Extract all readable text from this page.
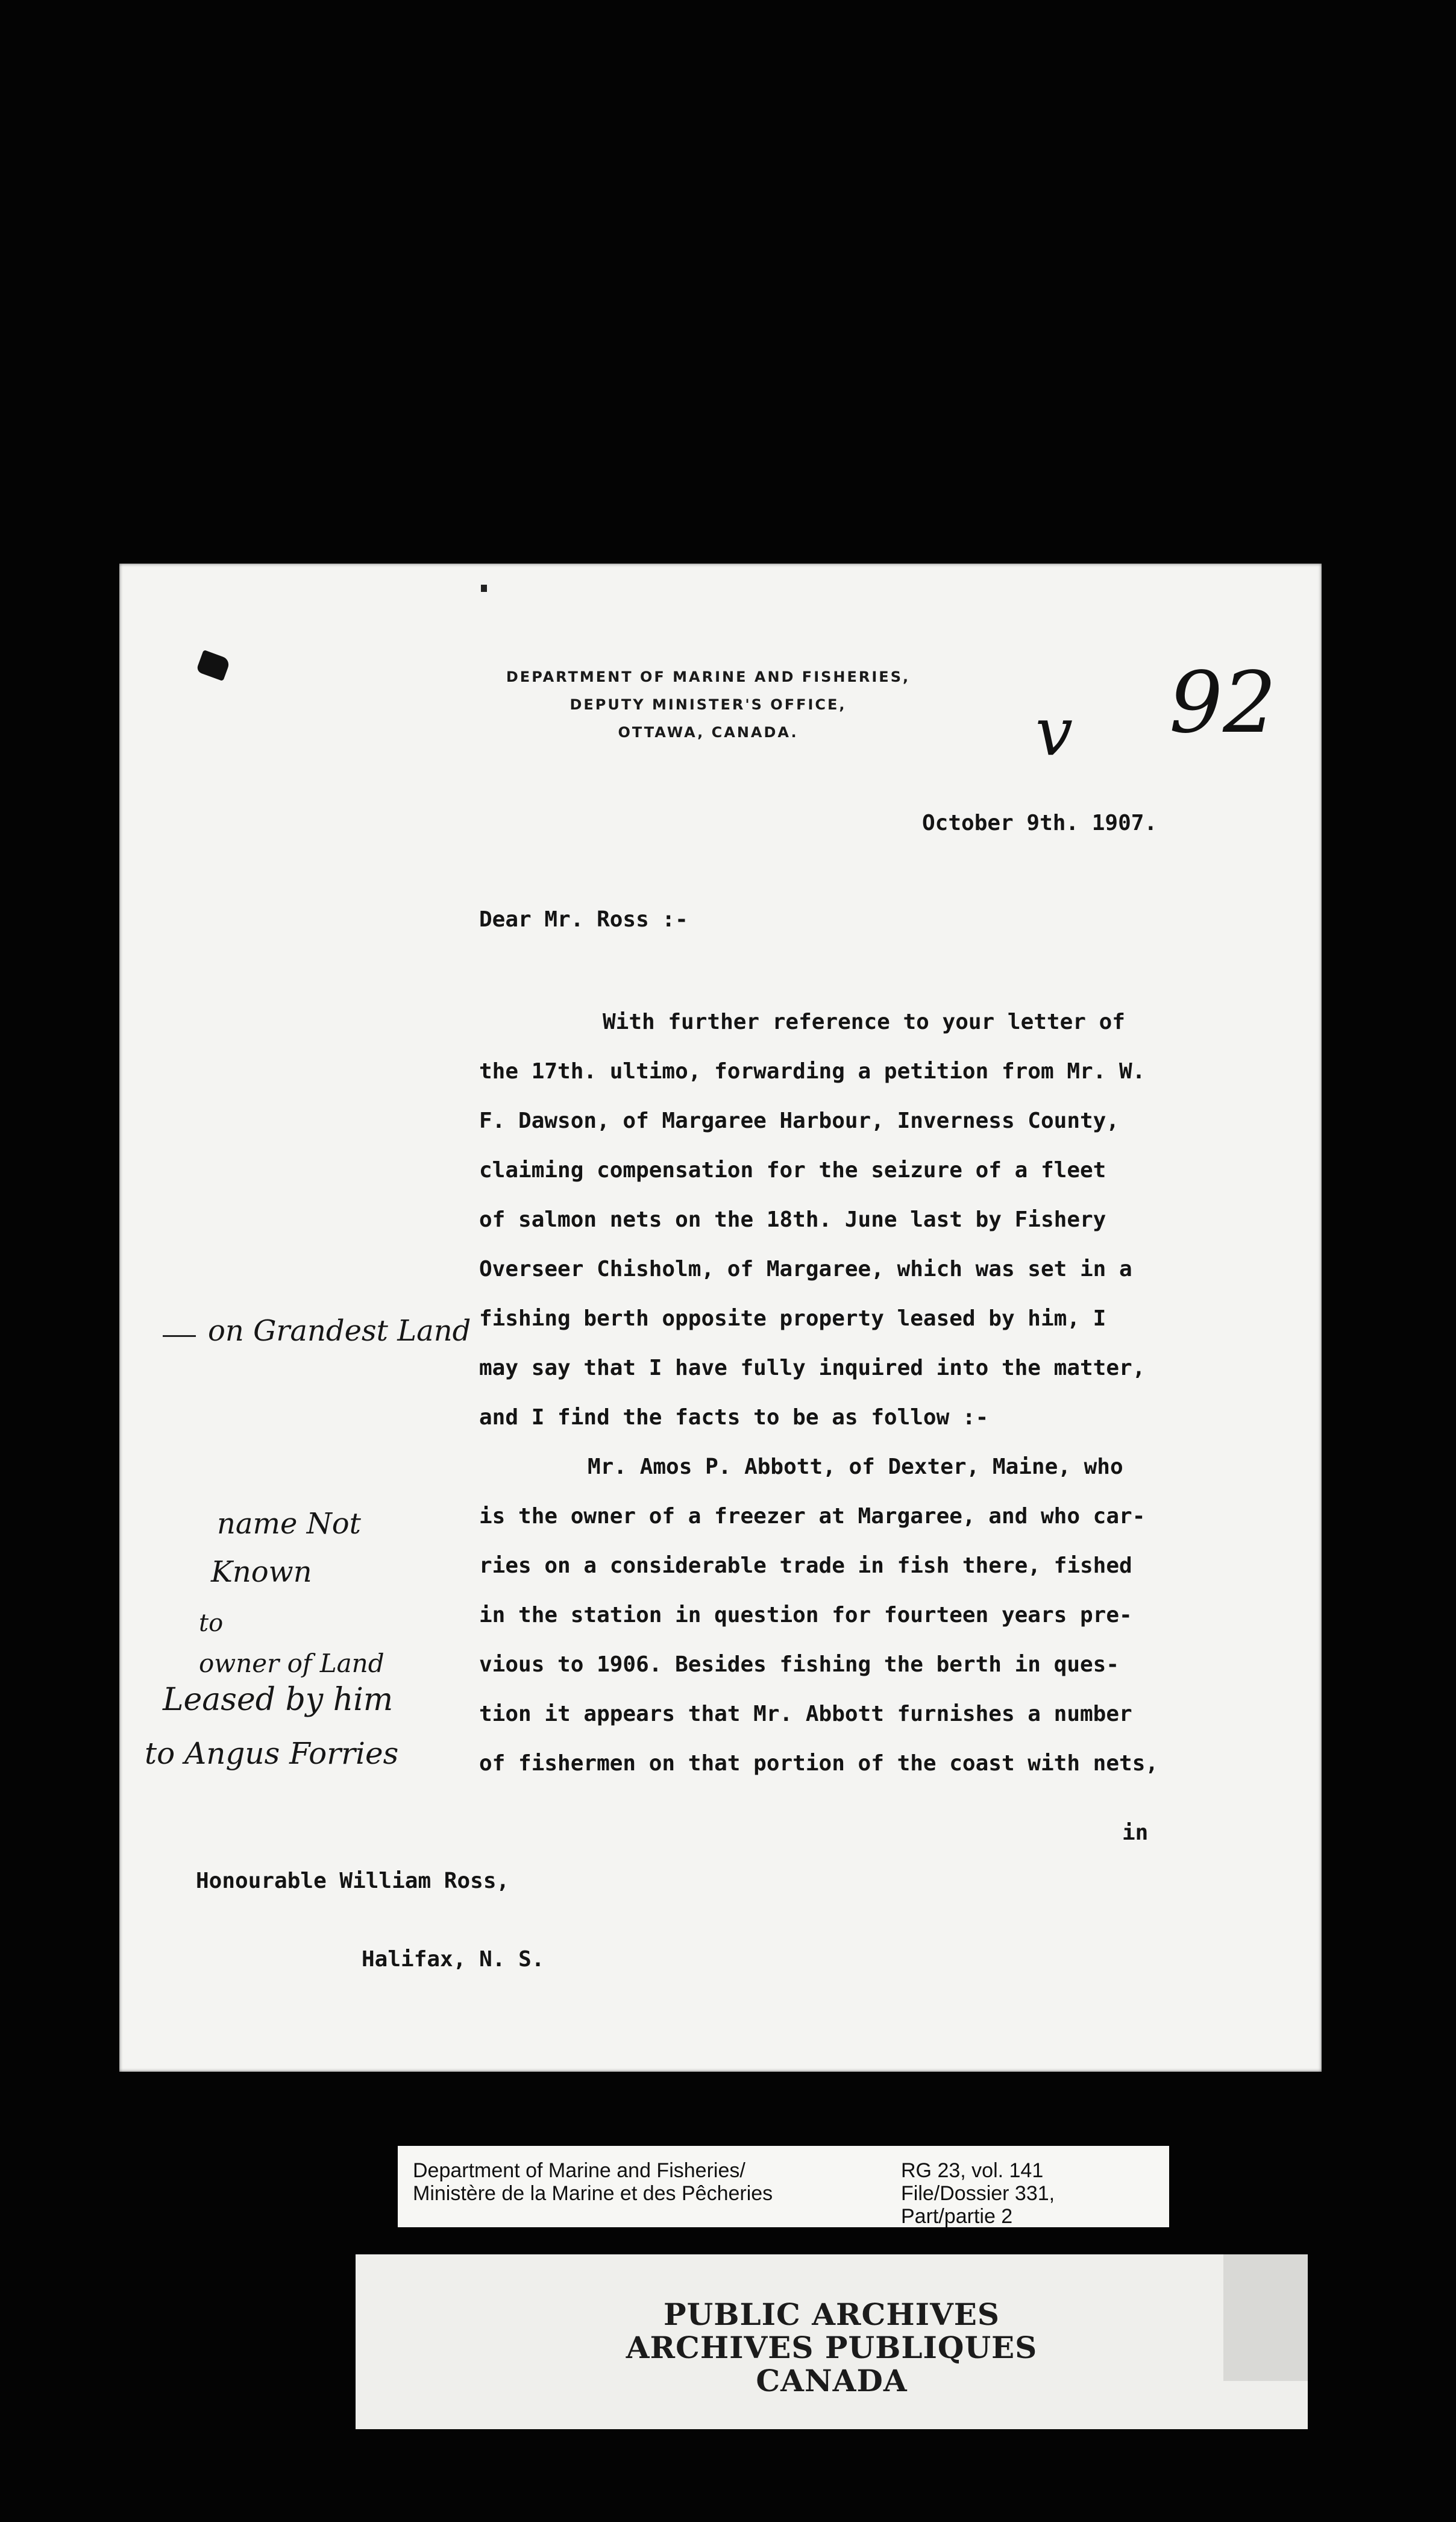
DEPARTMENT OF MARINE AND FISHERIES,
DEPUTY MINISTER'S OFFICE,
OTTAWA, CANADA.	v 92
October 9th. 1907.
Dear Mr. Ross :-
With further reference to your letter of
the 17th. ultimo, forwarding a petition from Mr. W.
F. Dawson, of Margaree Harbour, Inverness County,
claiming compensation for the seizure of a fleet
of salmon nets on the 18th. June last by Fishery
Overseer Chisholm, of Margaree, which was set in a
fishing berth opposite property leased by him, I
may say that I have fully inquired into the matter,
and I find the facts to be as follow :-
Mr. Amos P. Abbott, of Dexter, Maine, who
is the owner of a freezer at Margaree, and who car-
ries on a considerable trade in fish there, fished
in the station in question for fourteen years pre-
vious to 1906. Besides fishing the berth in ques-
tion it appears that Mr. Abbott furnishes a number
of fishermen on that portion of the coast with nets,
in
Honourable William Ross,
Halifax, N. S.
on Grandest Land
name Not
Known
to
owner of Land
Leased by him
to Angus Forries
Department of Marine and Fisheries/
Ministère de la Marine et des Pêcheries
RG 23, vol. 141
File/Dossier 331,
Part/partie 2
PUBLIC ARCHIVES
ARCHIVES PUBLIQUES
CANADA
